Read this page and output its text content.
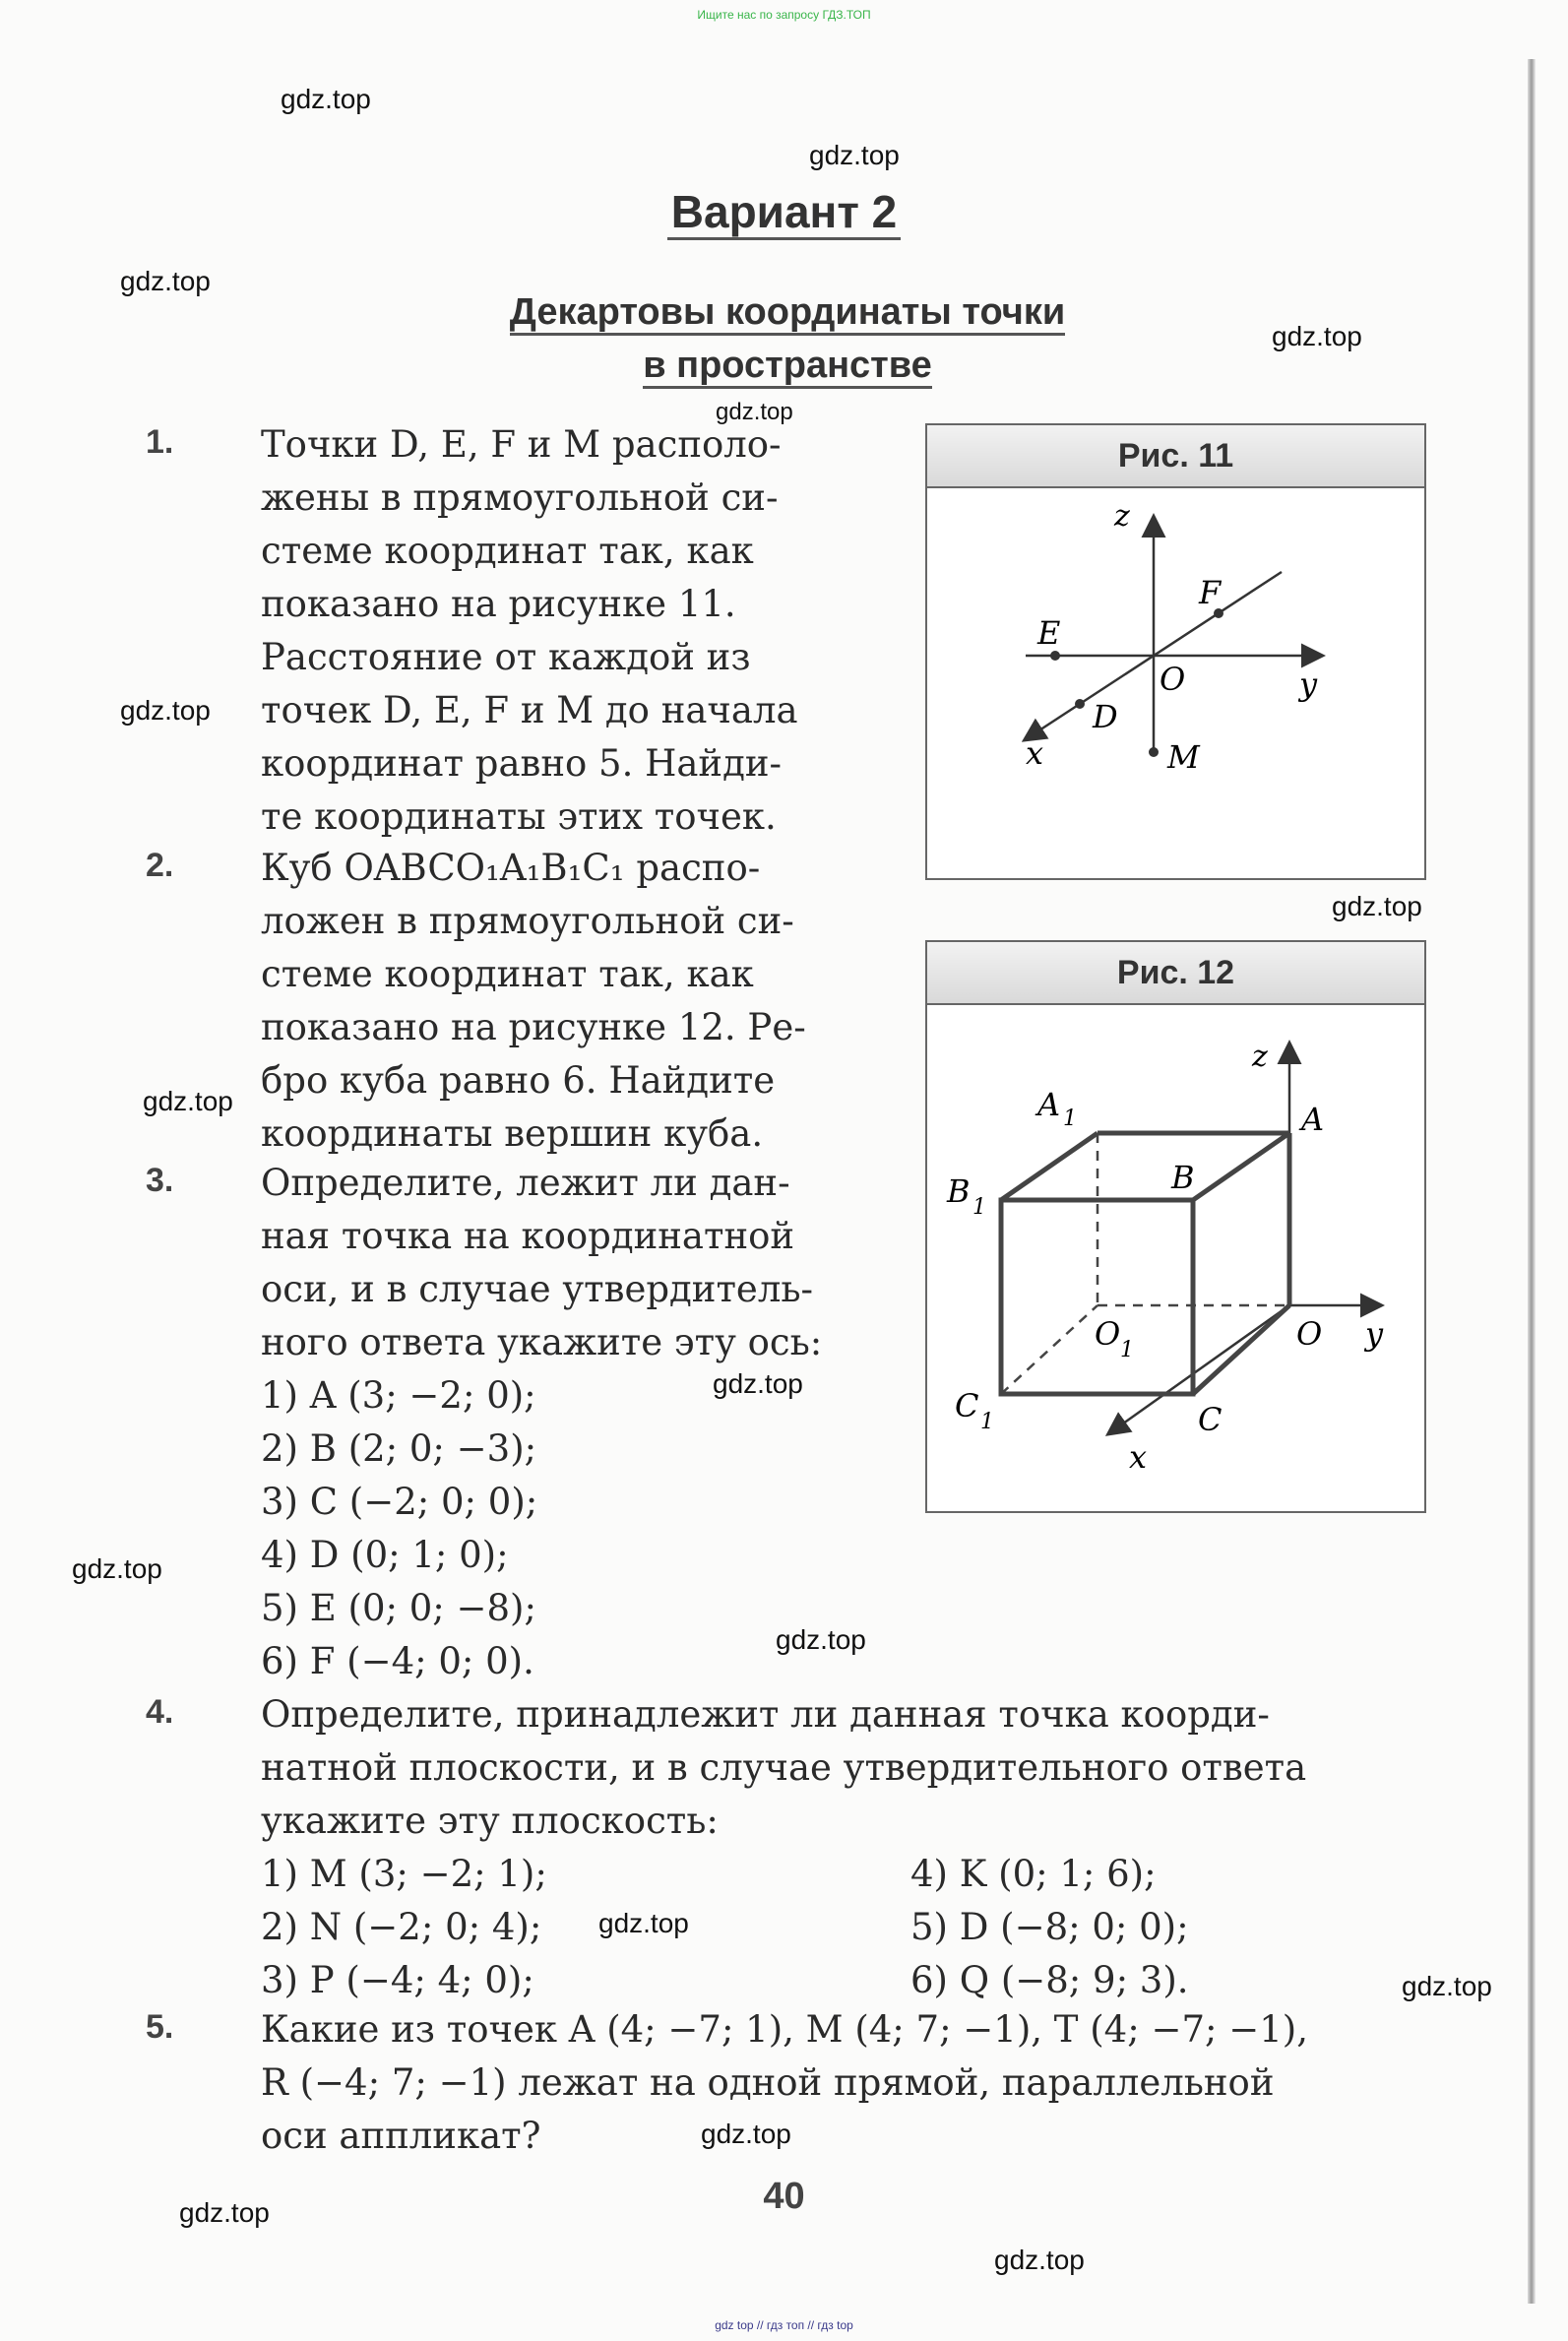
Ищите нас по запросу ГДЗ.ТОП
Вариант 2
Декартовы координаты точки
в пространстве
gdz.top
gdz.top
gdz.top
gdz.top
gdz.top
gdz.top
gdz.top
gdz.top
gdz.top
gdz.top
gdz.top
gdz.top
gdz.top
gdz.top
gdz.top
gdz.top
1. Точки D, E, F и M располо-

жены в прямоугольной си-

стеме координат так, как

показано на рисунке 11.

Расстояние от каждой из

точек D, E, F и M до начала

координат равно 5. Найди-

те координаты этих точек.

2. Куб OABCO₁A₁B₁C₁ распо-

ложен в прямоугольной си-

стеме координат так, как

показано на рисунке 12. Ре-

бро куба равно 6. Найдите

координаты вершин куба.

3. Определите, лежит ли дан-

ная точка на координатной

оси, и в случае утвердитель-

ного ответа укажите эту ось:

1) A (3; −2; 0);
2) B (2; 0; −3);
3) C (−2; 0; 0);
4) D (0; 1; 0);
5) E (0; 0; −8);
6) F (−4; 0; 0).
4. Определите, принадлежит ли данная точка коорди-

натной плоскости, и в случае утвердительного ответа

укажите эту плоскость:

1) M (3; −2; 1);
2) N (−2; 0; 4);
3) P (−4; 4; 0);
4) K (0; 1; 6);
5) D (−8; 0; 0);
6) Q (−8; 9; 3).
5. Какие из точек A (4; −7; 1), M (4; 7; −1), T (4; −7; −1),

R (−4; 7; −1) лежат на одной прямой, параллельной

оси аппликат?

Рис. 11
z
y
x
O
E
F
D
M
Рис. 12
z
y
x
A
A 1
B
B 1
C
C 1
O
O 1
40
gdz top // гдз топ // гдз top
